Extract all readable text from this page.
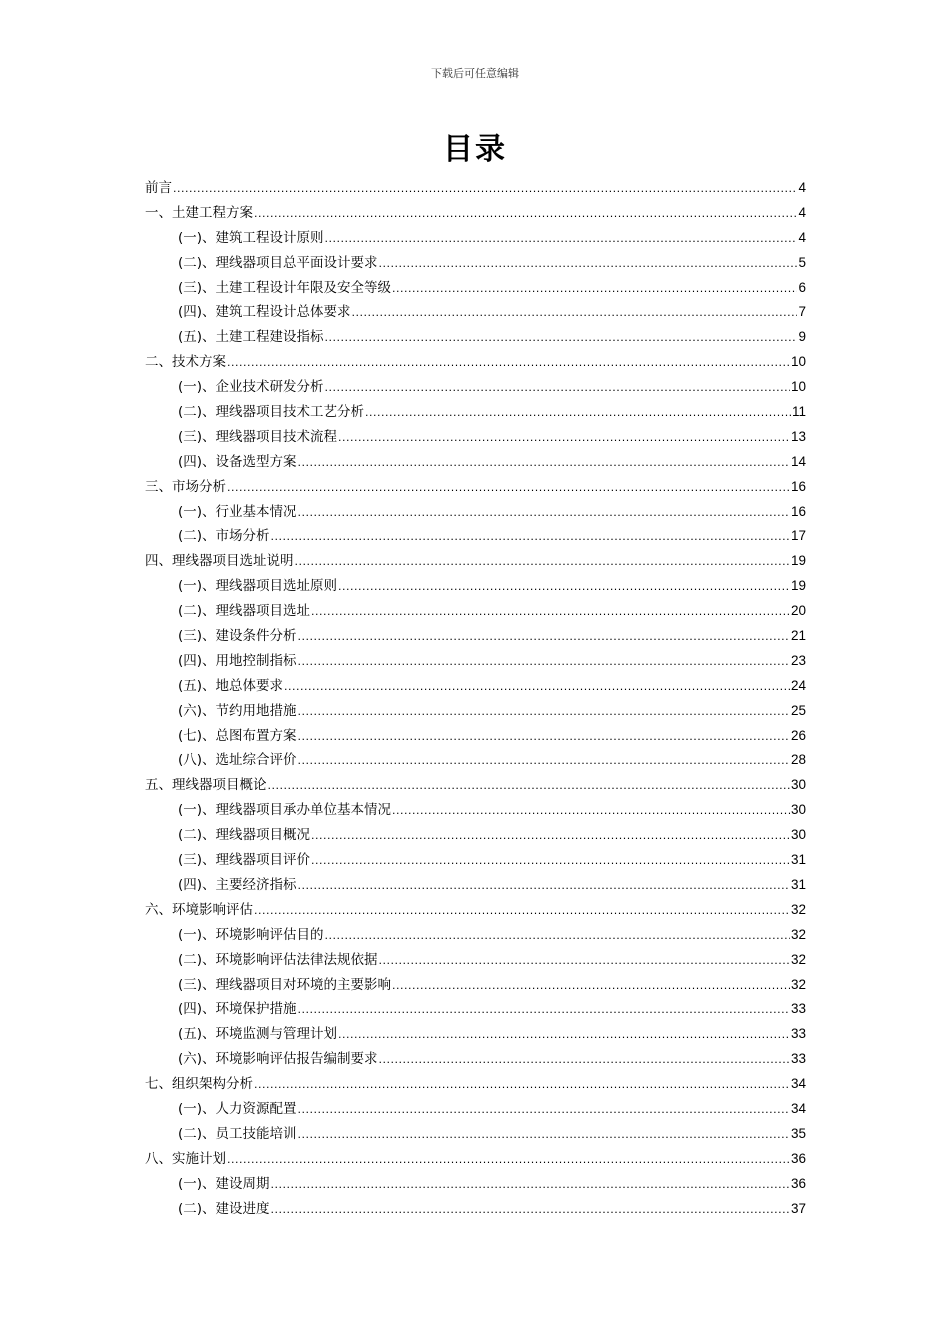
下载后可任意编辑
目录
前言 .....	4
一、土建工程方案 .....	4
(一)、建筑工程设计原则 .....	4
(二)、理线器项目总平面设计要求 .....	5
(三)、土建工程设计年限及安全等级 .....	6
(四)、建筑工程设计总体要求 .....	7
(五)、土建工程建设指标 .....	9
二、技术方案 .....	10
(一)、企业技术研发分析 .....	10
(二)、理线器项目技术工艺分析 .....	11
(三)、理线器项目技术流程 .....	13
(四)、设备选型方案 .....	14
三、市场分析 .....	16
(一)、行业基本情况 .....	16
(二)、市场分析 .....	17
四、理线器项目选址说明 .....	19
(一)、理线器项目选址原则 .....	19
(二)、理线器项目选址 .....	20
(三)、建设条件分析 .....	21
(四)、用地控制指标 .....	23
(五)、地总体要求 .....	24
(六)、节约用地措施 .....	25
(七)、总图布置方案 .....	26
(八)、选址综合评价 .....	28
五、理线器项目概论 .....	30
(一)、理线器项目承办单位基本情况 .....	30
(二)、理线器项目概况 .....	30
(三)、理线器项目评价 .....	31
(四)、主要经济指标 .....	31
六、环境影响评估 .....	32
(一)、环境影响评估目的 .....	32
(二)、环境影响评估法律法规依据 .....	32
(三)、理线器项目对环境的主要影响 .....	32
(四)、环境保护措施 .....	33
(五)、环境监测与管理计划 .....	33
(六)、环境影响评估报告编制要求 .....	33
七、组织架构分析 .....	34
(一)、人力资源配置 .....	34
(二)、员工技能培训 .....	35
八、实施计划 .....	36
(一)、建设周期 .....	36
(二)、建设进度 .....	37
